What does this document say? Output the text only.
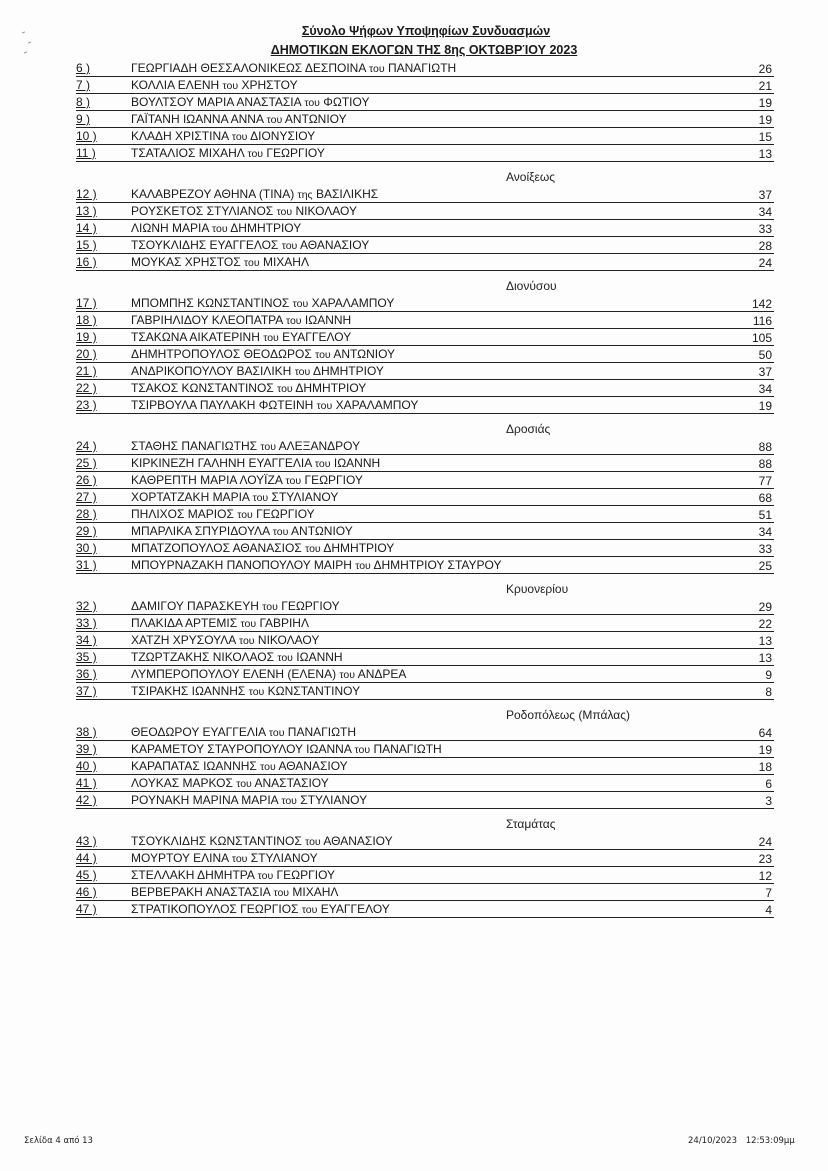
Σύνολο Ψήφων Υποψηφίων Συνδυασμών
ΔΗΜΟΤΙΚΩΝ ΕΚΛΟΓΩΝ ΤΗΣ 8ης ΟΚΤΩΒΡΊΟΥ 2023
6 )	ΓΕΩΡΓΙΑΔΗ ΘΕΣΣΑΛΟΝΙΚΕΩΣ ΔΕΣΠΟΙΝΑ του ΠΑΝΑΓΙΩΤΗ	26
7 )	ΚΟΛΛΙΑ ΕΛΕΝΗ του ΧΡΗΣΤΟΥ	21
8 )	ΒΟΥΛΤΣΟΥ ΜΑΡΙΑ ΑΝΑΣΤΑΣΙΑ του ΦΩΤΙΟΥ	19
9 )	ΓΑΪΤΑΝΗ ΙΩΑΝΝΑ ΑΝΝΑ του ΑΝΤΩΝΙΟΥ	19
10 )	ΚΛΑΔΗ ΧΡΙΣΤΙΝΑ του ΔΙΟΝΥΣΙΟΥ	15
11 )	ΤΣΑΤΑΛΙΟΣ ΜΙΧΑΗΛ του ΓΕΩΡΓΙΟΥ	13
Ανοίξεως
12 )	ΚΑΛΑΒΡΕΖΟΥ ΑΘΗΝΑ (ΤΙΝΑ) της ΒΑΣΙΛΙΚΗΣ	37
13 )	ΡΟΥΣΚΕΤΟΣ ΣΤΥΛΙΑΝΟΣ του ΝΙΚΟΛΑΟΥ	34
14 )	ΛΙΩΝΗ ΜΑΡΙΑ του ΔΗΜΗΤΡΙΟΥ	33
15 )	ΤΣΟΥΚΛΙΔΗΣ ΕΥΑΓΓΕΛΟΣ του ΑΘΑΝΑΣΙΟΥ	28
16 )	ΜΟΥΚΑΣ ΧΡΗΣΤΟΣ του ΜΙΧΑΗΛ	24
Διονύσου
17 )	ΜΠΟΜΠΗΣ ΚΩΝΣΤΑΝΤΙΝΟΣ του ΧΑΡΑΛΑΜΠΟΥ	142
18 )	ΓΑΒΡΙΗΛΙΔΟΥ ΚΛΕΟΠΑΤΡΑ του ΙΩΑΝΝΗ	116
19 )	ΤΣΑΚΩΝΑ ΑΙΚΑΤΕΡΙΝΗ του ΕΥΑΓΓΕΛΟΥ	105
20 )	ΔΗΜΗΤΡΟΠΟΥΛΟΣ ΘΕΟΔΩΡΟΣ του ΑΝΤΩΝΙΟΥ	50
21 )	ΑΝΔΡΙΚΟΠΟΥΛΟΥ ΒΑΣΙΛΙΚΗ του ΔΗΜΗΤΡΙΟΥ	37
22 )	ΤΣΑΚΟΣ ΚΩΝΣΤΑΝΤΙΝΟΣ του ΔΗΜΗΤΡΙΟΥ	34
23 )	ΤΣΙΡΒΟΥΛΑ ΠΑΥΛΑΚΗ ΦΩΤΕΙΝΗ του ΧΑΡΑΛΑΜΠΟΥ	19
Δροσιάς
24 )	ΣΤΑΘΗΣ ΠΑΝΑΓΙΩΤΗΣ του ΑΛΕΞΑΝΔΡΟΥ	88
25 )	ΚΙΡΚΙΝΕΖΗ ΓΑΛΗΝΗ ΕΥΑΓΓΕΛΙΑ του ΙΩΑΝΝΗ	88
26 )	ΚΑΘΡΕΠΤΗ ΜΑΡΙΑ ΛΟΥΪΖΑ του ΓΕΩΡΓΙΟΥ	77
27 )	ΧΟΡΤΑΤΖΑΚΗ ΜΑΡΙΑ του ΣΤΥΛΙΑΝΟΥ	68
28 )	ΠΗΛΙΧΟΣ ΜΑΡΙΟΣ του ΓΕΩΡΓΙΟΥ	51
29 )	ΜΠΑΡΛΙΚΑ ΣΠΥΡΙΔΟΥΛΑ του ΑΝΤΩΝΙΟΥ	34
30 )	ΜΠΑΤΖΟΠΟΥΛΟΣ ΑΘΑΝΑΣΙΟΣ του ΔΗΜΗΤΡΙΟΥ	33
31 )	ΜΠΟΥΡΝΑΖΑΚΗ ΠΑΝΟΠΟΥΛΟΥ ΜΑΙΡΗ του ΔΗΜΗΤΡΙΟΥ ΣΤΑΥΡΟΥ	25
Κρυονερίου
32 )	ΔΑΜΙΓΟΥ ΠΑΡΑΣΚΕΥΗ του ΓΕΩΡΓΙΟΥ	29
33 )	ΠΛΑΚΙΔΑ ΑΡΤΕΜΙΣ του ΓΑΒΡΙΗΛ	22
34 )	ΧΑΤΖΗ ΧΡΥΣΟΥΛΑ του ΝΙΚΟΛΑΟΥ	13
35 )	ΤΖΩΡΤΖΑΚΗΣ ΝΙΚΟΛΑΟΣ του ΙΩΑΝΝΗ	13
36 )	ΛΥΜΠΕΡΟΠΟΥΛΟΥ ΕΛΕΝΗ (ΕΛΕΝΑ) του ΑΝΔΡΕΑ	9
37 )	ΤΣΙΡΑΚΗΣ ΙΩΑΝΝΗΣ του ΚΩΝΣΤΑΝΤΙΝΟΥ	8
Ροδοπόλεως (Μπάλας)
38 )	ΘΕΟΔΩΡΟΥ ΕΥΑΓΓΕΛΙΑ του ΠΑΝΑΓΙΩΤΗ	64
39 )	ΚΑΡΑΜΕΤΟΥ ΣΤΑΥΡΟΠΟΥΛΟΥ ΙΩΑΝΝΑ του ΠΑΝΑΓΙΩΤΗ	19
40 )	ΚΑΡΑΠΑΤΑΣ ΙΩΑΝΝΗΣ του ΑΘΑΝΑΣΙΟΥ	18
41 )	ΛΟΥΚΑΣ ΜΑΡΚΟΣ του ΑΝΑΣΤΑΣΙΟΥ	6
42 )	ΡΟΥΝΑΚΗ ΜΑΡΙΝΑ ΜΑΡΙΑ του ΣΤΥΛΙΑΝΟΥ	3
Σταμάτας
43 )	ΤΣΟΥΚΛΙΔΗΣ ΚΩΝΣΤΑΝΤΙΝΟΣ του ΑΘΑΝΑΣΙΟΥ	24
44 )	ΜΟΥΡΤΟΥ ΕΛΙΝΑ του ΣΤΥΛΙΑΝΟΥ	23
45 )	ΣΤΕΛΛΑΚΗ ΔΗΜΗΤΡΑ του ΓΕΩΡΓΙΟΥ	12
46 )	ΒΕΡΒΕΡΑΚΗ ΑΝΑΣΤΑΣΙΑ του ΜΙΧΑΗΛ	7
47 )	ΣΤΡΑΤΙΚΟΠΟΥΛΟΣ ΓΕΩΡΓΙΟΣ του ΕΥΑΓΓΕΛΟΥ	4
Σελίδα 4 από 13	24/10/2023 12:53:09μμ
